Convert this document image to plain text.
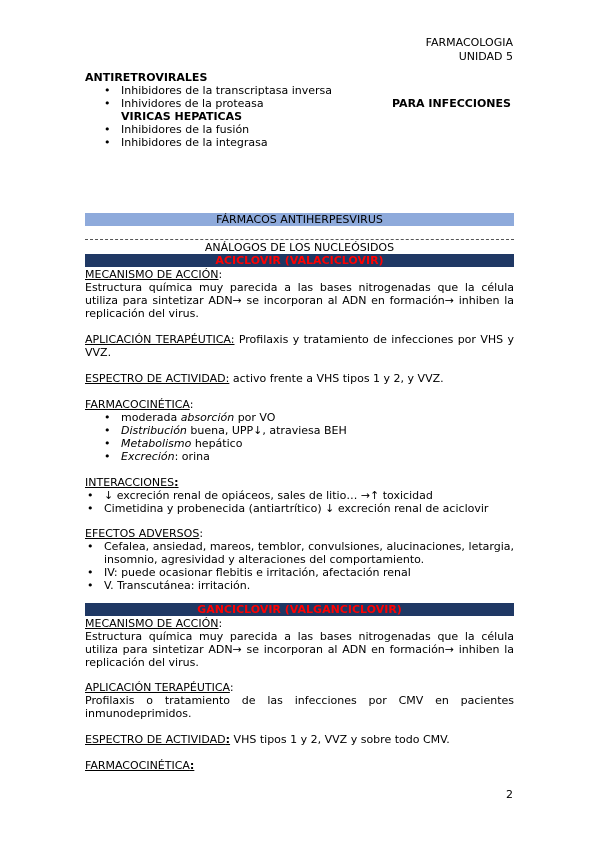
FARMACOLOGIA
UNIDAD 5
ANTIRETROVIRALES
• Inhibidores de la transcriptasa inversa
• Inhividores de la proteasa	PARA INFECCIONES
VIRICAS HEPATICAS
• Inhibidores de la fusión
• Inhibidores de la integrasa
FÁRMACOS ANTIHERPESVIRUS
ANÁLOGOS DE LOS NUCLEÓSIDOS
ACICLOVIR (VALACICLOVIR)
MECANISMO DE ACCIÓN:
Estructura química muy parecida a las bases nitrogenadas que la célula utiliza para sintetizar ADN→ se incorporan al ADN en formación→ inhiben la replicación del virus.
APLICACIÓN TERAPÉUTICA: Profilaxis y tratamiento de infecciones por VHS y VVZ.
ESPECTRO DE ACTIVIDAD: activo frente a VHS tipos 1 y 2, y VVZ.
FARMACOCINÉTICA:
• moderada absorción por VO
• Distribución buena, UPP↓, atraviesa BEH
• Metabolismo hepático
• Excreción: orina
INTERACCIONES:
• ↓ excreción renal de opiáceos, sales de litio… →↑ toxicidad
• Cimetidina y probenecida (antiartrítico) ↓ excreción renal de aciclovir
EFECTOS ADVERSOS:
• Cefalea, ansiedad, mareos, temblor, convulsiones, alucinaciones, letargia, insomnio, agresividad y alteraciones del comportamiento.
• IV: puede ocasionar flebitis e irritación, afectación renal
• V. Transcutánea: irritación.
GANCICLOVIR (VALGANCICLOVIR)
MECANISMO DE ACCIÓN:
Estructura química muy parecida a las bases nitrogenadas que la célula utiliza para sintetizar ADN→ se incorporan al ADN en formación→ inhiben la replicación del virus.
APLICACIÓN TERAPÉUTICA:
Profilaxis o tratamiento de las infecciones por CMV en pacientes inmunodeprimidos.
ESPECTRO DE ACTIVIDAD: VHS tipos 1 y 2, VVZ y sobre todo CMV.
FARMACOCINÉTICA:
2
